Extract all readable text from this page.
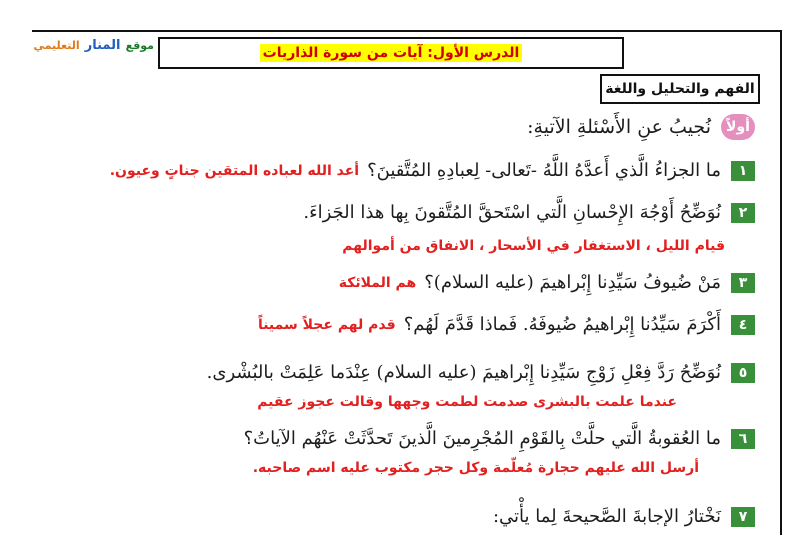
موقع المنار التعليمي	الدرس الأول: آيات من سورة الذاريات
الفهم والتحليل واللغة
أولاً
نُجيبُ عنِ الأَسْئلةِ الآتيةِ:
١
ما الجزاءُ الَّذي أَعدَّهُ اللَّهُ -تَعالى- لِعبادِهِ المُتَّقينَ؟
أعد الله لعباده المتقين جناتٍ وعيون.
٢
نُوَضِّحُ أَوْجُهَ الإِحْسانِ الَّتي اسْتَحقَّ المُتَّقونَ بِها هذا الجَزاءَ.
قيام الليل ، الاستغفار في الأسحار ، الانفاق من أموالهم
٣
مَنْ ضُيوفُ سَيِّدِنا إِبْراهيمَ (عليه السلام)؟
هم الملائكة
٤
أَكْرَمَ سَيِّدُنا إِبْراهيمُ ضُيوفَهُ. فَماذا قَدَّمَ لَهُم؟
قدم لهم عجلاً سميناً
٥
نُوَضِّحُ رَدَّ فِعْلِ زَوْجِ سَيِّدِنا إِبْراهيمَ (عليه السلام) عِنْدَما عَلِمَتْ بالبُشْرى.
عندما علمت بالبشرى صدمت لطمت وجهها وقالت عجوز عقيم
٦
ما العُقوبةُ الَّتي حلَّتْ بِالقَوْمِ المُجْرِمينَ الَّذينَ تَحدَّثَتْ عَنْهُم الآياتُ؟
أرسل الله عليهم حجارة مُعلّمة وكل حجر مكتوب عليه اسم صاحبه.
٧
نَخْتارُ الإجابةَ الصَّحيحةَ لِما يأْتي:
